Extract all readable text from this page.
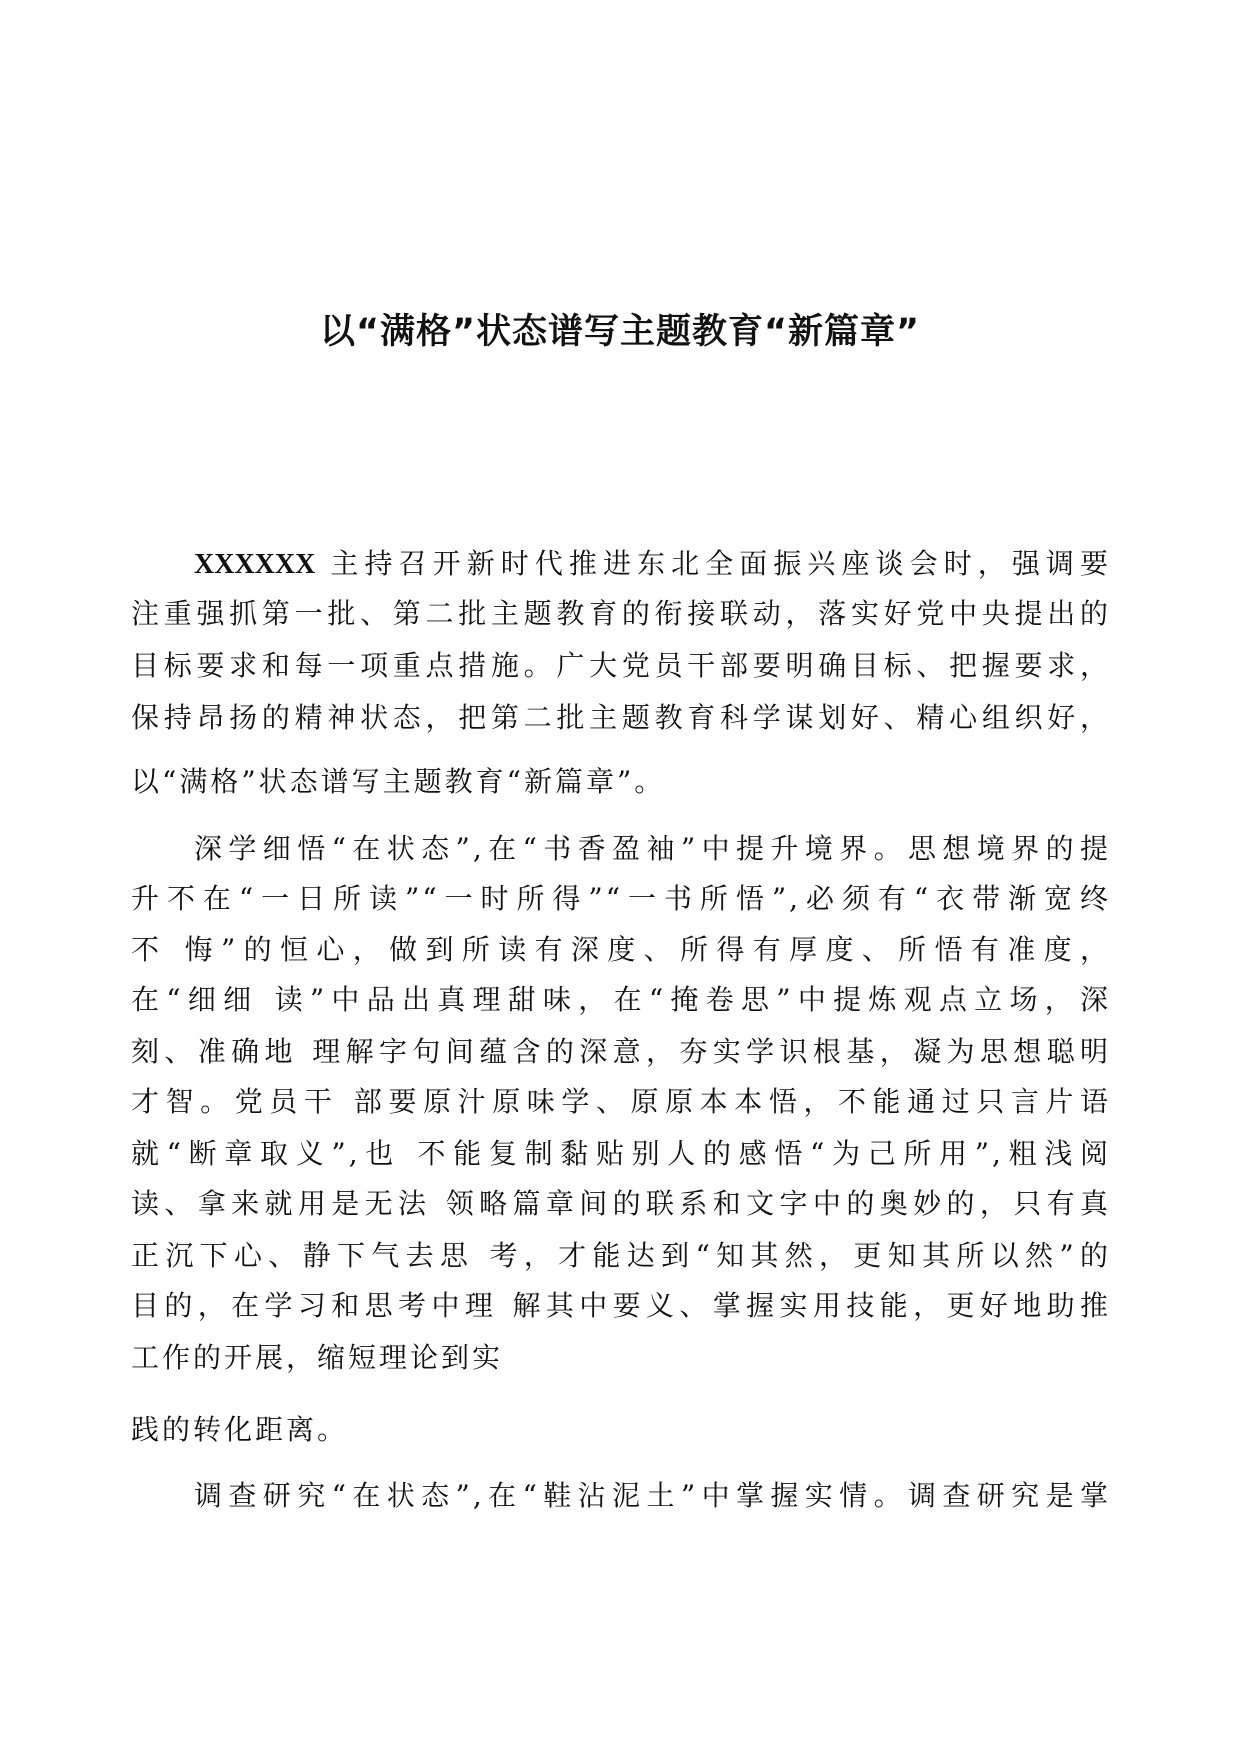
以“满格”状态谱写主题教育“新篇章”

XXXXXX 主持召开新时代推进东北全面振兴座谈会时，强调要

注重强抓第一批、第二批主题教育的衔接联动，落实好党中央提出的

目标要求和每一项重点措施。广大党员干部要明确目标、把握要求，

保持昂扬的精神状态，把第二批主题教育科学谋划好、精心组织好，

以“满格”状态谱写主题教育“新篇章”。

深学细悟“在状态”,在“书香盈袖”中提升境界。思想境界的提

升不在“一日所读”“一时所得”“一书所悟”,必须有“衣带渐宽终

不 悔”的恒心，做到所读有深度、所得有厚度、所悟有准度，

在“细细 读”中品出真理甜味，在“掩卷思”中提炼观点立场，深

刻、准确地 理解字句间蕴含的深意，夯实学识根基，凝为思想聪明

才智。党员干 部要原汁原味学、原原本本悟，不能通过只言片语

就“断章取义”,也 不能复制黏贴别人的感悟“为己所用”,粗浅阅

读、拿来就用是无法 领略篇章间的联系和文字中的奥妙的，只有真

正沉下心、静下气去思 考，才能达到“知其然，更知其所以然”的

目的，在学习和思考中理 解其中要义、掌握实用技能，更好地助推

工作的开展，缩短理论到实

践的转化距离。

调查研究“在状态”,在“鞋沾泥土”中掌握实情。调查研究是掌
